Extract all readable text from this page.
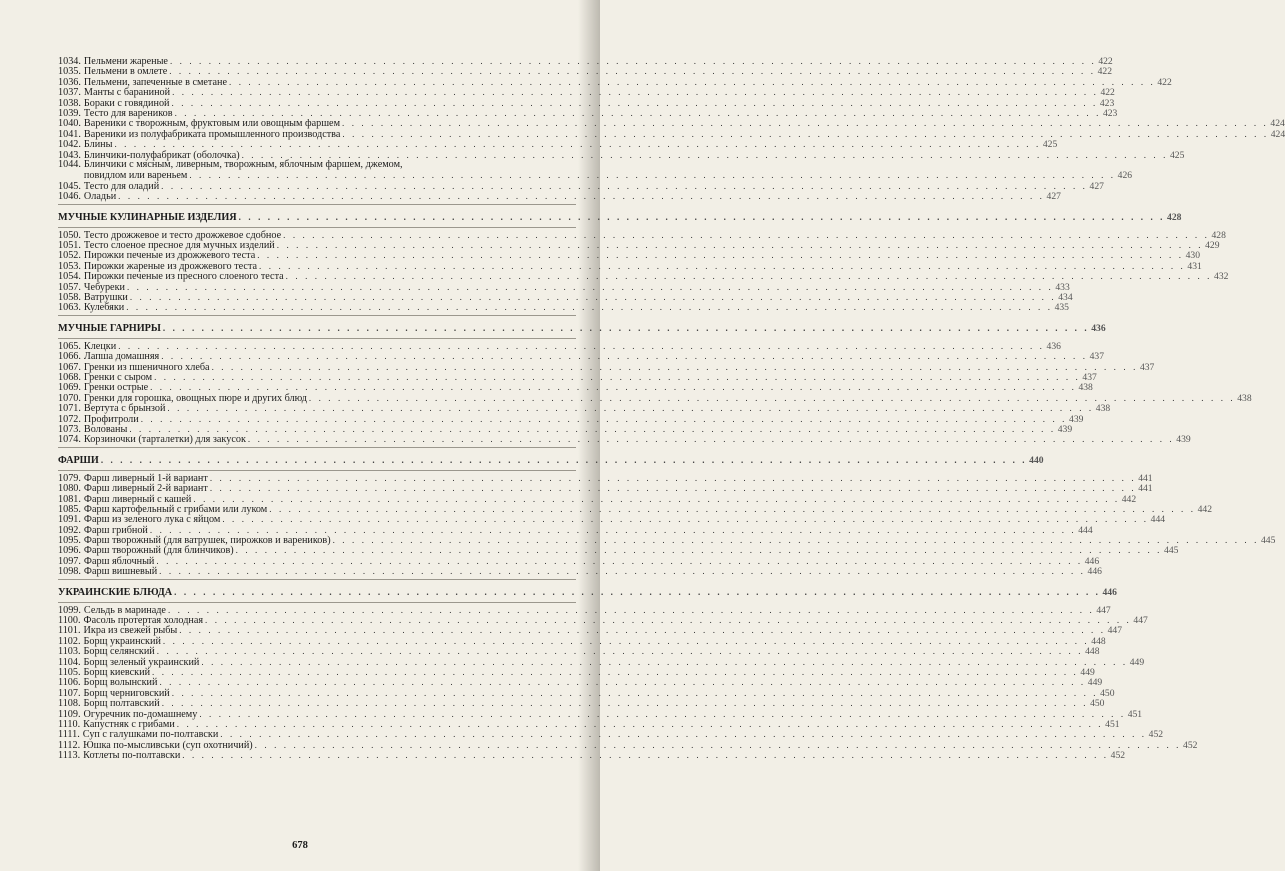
1034. Пельмени жареные . . .	422
1035. Пельмени в омлете . . .	422
1036. Пельмени, запеченные в сметане . . .	422
1037. Манты с бараниной . . .	422
1038. Бораки с говядиной . . .	423
1039. Тесто для вареников . . .	423
1040. Вареники с творожным, фруктовым или овощным фаршем . . .	424
1041. Вареники из полуфабриката промышленного производства . . .	424
1042. Блины . . .	425
1043. Блинчики-полуфабрикат (оболочка) . . .	425
1044. Блинчики с мясным, ливерным, творожным, яблочным фаршем, джемом,
повидлом или вареньем . . .	426
1045. Тесто для оладий . . .	427
1046. Оладьи . . .	427
МУЧНЫЕ КУЛИНАРНЫЕ ИЗДЕЛИЯ . . .	428
1050. Тесто дрожжевое и тесто дрожжевое сдобное . . .	428
1051. Тесто слоеное пресное для мучных изделий . . .	429
1052. Пирожки печеные из дрожжевого теста . . .	430
1053. Пирожки жареные из дрожжевого теста . . .	431
1054. Пирожки печеные из пресного слоеного теста . . .	432
1057. Чебуреки . . .	433
1058. Ватрушки . . .	434
1063. Кулебяки . . .	435
МУЧНЫЕ ГАРНИРЫ . . .	436
1065. Клецки . . .	436
1066. Лапша домашняя . . .	437
1067. Гренки из пшеничного хлеба . . .	437
1068. Гренки с сыром . . .	437
1069. Гренки острые . . .	438
1070. Гренки для горошка, овощных пюре и других блюд . . .	438
1071. Вертута с брынзой . . .	438
1072. Профитроли . . .	439
1073. Волованы . . .	439
1074. Корзиночки (тарталетки) для закусок . . .	439
ФАРШИ . . .	440
1079. Фарш ливерный 1-й вариант . . .	441
1080. Фарш ливерный 2-й вариант . . .	441
1081. Фарш ливерный с кашей . . .	442
1085. Фарш картофельный с грибами или луком . . .	442
1091. Фарш из зеленого лука с яйцом . . .	444
1092. Фарш грибной . . .	444
1095. Фарш творожный (для ватрушек, пирожков и вареников) . . .	445
1096. Фарш творожный (для блинчиков) . . .	445
1097. Фарш яблочный . . .	446
1098. Фарш вишневый . . .	446
УКРАИНСКИЕ БЛЮДА . . .	446
1099. Сельдь в маринаде . . .	447
1100. Фасоль протертая холодная . . .	447
1101. Икра из свежей рыбы . . .	447
1102. Борщ украинский . . .	448
1103. Борщ селянский . . .	448
1104. Борщ зеленый украинский . . .	449
1105. Борщ киевский . . .	449
1106. Борщ волынский . . .	449
1107. Борщ черниговский . . .	450
1108. Борщ полтавский . . .	450
1109. Огуречник по-домашнему . . .	451
1110. Капустняк с грибами . . .	451
1111. Суп с галушками по-полтавски . . .	452
1112. Юшка по-мысливськи (суп охотничий) . . .	452
1113. Котлеты по-полтавски . . .	452
678
